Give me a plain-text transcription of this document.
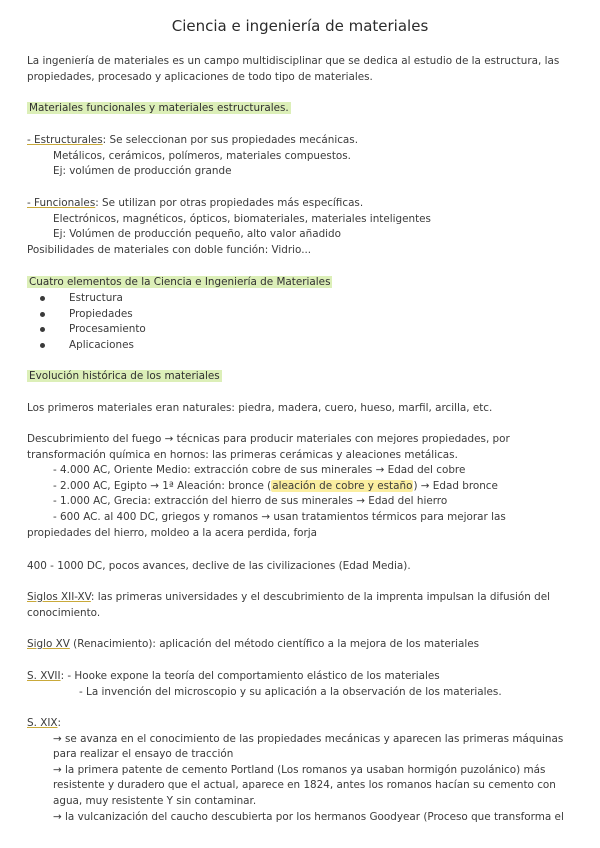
Ciencia e ingeniería de materiales
La ingeniería de materiales es un campo multidisciplinar que se dedica al estudio de la estructura, las
propiedades, procesado y aplicaciones de todo tipo de materiales.
Materiales funcionales y materiales estructurales.
- Estructurales: Se seleccionan por sus propiedades mecánicas.
Metálicos, cerámicos, polímeros, materiales compuestos.
Ej: volúmen de producción grande
- Funcionales: Se utilizan por otras propiedades más específicas.
Electrónicos, magnéticos, ópticos, biomateriales, materiales inteligentes
Ej: Volúmen de producción pequeño, alto valor añadido
Posibilidades de materiales con doble función: Vidrio...
Cuatro elementos de la Ciencia e Ingeniería de Materiales
Estructura
Propiedades
Procesamiento
Aplicaciones
Evolución histórica de los materiales
Los primeros materiales eran naturales: piedra, madera, cuero, hueso, marfil, arcilla, etc.
Descubrimiento del fuego → técnicas para producir materiales con mejores propiedades, por
transformación química en hornos: las primeras cerámicas y aleaciones metálicas.
- 4.000 AC, Oriente Medio: extracción cobre de sus minerales → Edad del cobre
- 2.000 AC, Egipto → 1ª Aleación: bronce (aleación de cobre y estaño) → Edad bronce
- 1.000 AC, Grecia: extracción del hierro de sus minerales → Edad del hierro
- 600 AC. al 400 DC, griegos y romanos → usan tratamientos térmicos para mejorar las
propiedades del hierro, moldeo a la acera perdida, forja
400 - 1000 DC, pocos avances, declive de las civilizaciones (Edad Media).
Siglos XII-XV: las primeras universidades y el descubrimiento de la imprenta impulsan la difusión del
conocimiento.
Siglo XV (Renacimiento): aplicación del método científico a la mejora de los materiales
S. XVII: - Hooke expone la teoría del comportamiento elástico de los materiales
- La invención del microscopio y su aplicación a la observación de los materiales.
S. XIX:
→ se avanza en el conocimiento de las propiedades mecánicas y aparecen las primeras máquinas
para realizar el ensayo de tracción
→ la primera patente de cemento Portland (Los romanos ya usaban hormigón puzolánico) más
resistente y duradero que el actual, aparece en 1824, antes los romanos hacían su cemento con
agua, muy resistente Y sin contaminar.
→ la vulcanización del caucho descubierta por los hermanos Goodyear (Proceso que transforma el
